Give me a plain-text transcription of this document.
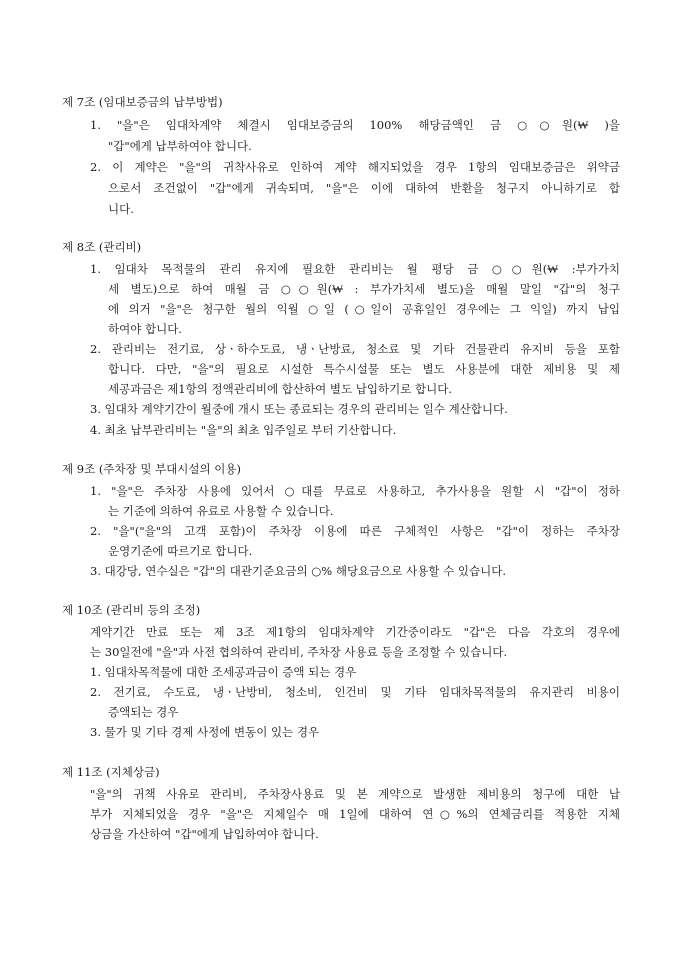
제 7조 (임대보증금의 납부방법)
1. "을"은 임대차계약 체결시 임대보증금의 100% 해당금액인 금 ○○원(₩ )을
"갑"에게 납부하여야 합니다.
2. 이 계약은 "을"의 귀착사유로 인하여 계약 해지되었을 경우 1항의 임대보증금은 위약금
으로서 조건없이 "갑"에게 귀속되며, "을"은 이에 대하여 반환을 청구지 아니하기로 합
니다.
제 8조 (관리비)
1. 임대차 목적물의 관리 유지에 필요한 관리비는 월 평당 금 ○○원(₩ :부가가치
세 별도)으로 하여 매월 금 ○○원(₩ : 부가가치세 별도)을 매월 말일 "갑"의 청구
에 의거 "을"은 청구한 월의 익월 ○일 (○일이 공휴일인 경우에는 그 익일) 까지 납입
하여야 합니다.
2. 관리비는 전기료, 상ㆍ하수도료, 냉ㆍ난방료, 청소료 및 기타 건물관리 유지비 등을 포함
합니다. 다만, "을"의 필요로 시설한 특수시설물 또는 별도 사용분에 대한 제비용 및 제
세공과금은 제1항의 정액관리비에 합산하여 별도 납입하기로 합니다.
3. 임대차 계약기간이 월중에 개시 또는 종료되는 경우의 관리비는 일수 계산합니다.
4. 최초 납부관리비는 "을"의 최초 입주일로 부터 기산합니다.
제 9조 (주차장 및 부대시설의 이용)
1. "을"은 주차장 사용에 있어서 ○대를 무료로 사용하고, 추가사용을 원할 시 "갑"이 정하
는 기준에 의하여 유료로 사용할 수 있습니다.
2. "을"("을"의 고객 포함)이 주차장 이용에 따른 구체적인 사항은 "갑"이 정하는 주차장
운영기준에 따르기로 합니다.
3. 대강당, 연수실은 "갑"의 대관기준요금의 ○% 해당요금으로 사용할 수 있습니다.
제 10조 (관리비 등의 조정)
계약기간 만료 또는 제 3조 제1항의 임대차계약 기간중이라도 "갑"은 다음 각호의 경우에
는 30일전에 "을"과 사전 협의하여 관리비, 주차장 사용료 등을 조정할 수 있습니다.
1. 임대차목적물에 대한 조세공과금이 증액 되는 경우
2. 전기료, 수도료, 냉ㆍ난방비, 청소비, 인건비 및 기타 임대차목적물의 유지관리 비용이
증액되는 경우
3. 물가 및 기타 경제 사정에 변동이 있는 경우
제 11조 (지체상금)
"을"의 귀책 사유로 관리비, 주차장사용료 및 본 계약으로 발생한 제비용의 청구에 대한 납
부가 지체되었을 경우 "을"은 지체일수 매 1일에 대하여 연○%의 연체금리를 적용한 지체
상금을 가산하여 "갑"에게 납입하여야 합니다.
